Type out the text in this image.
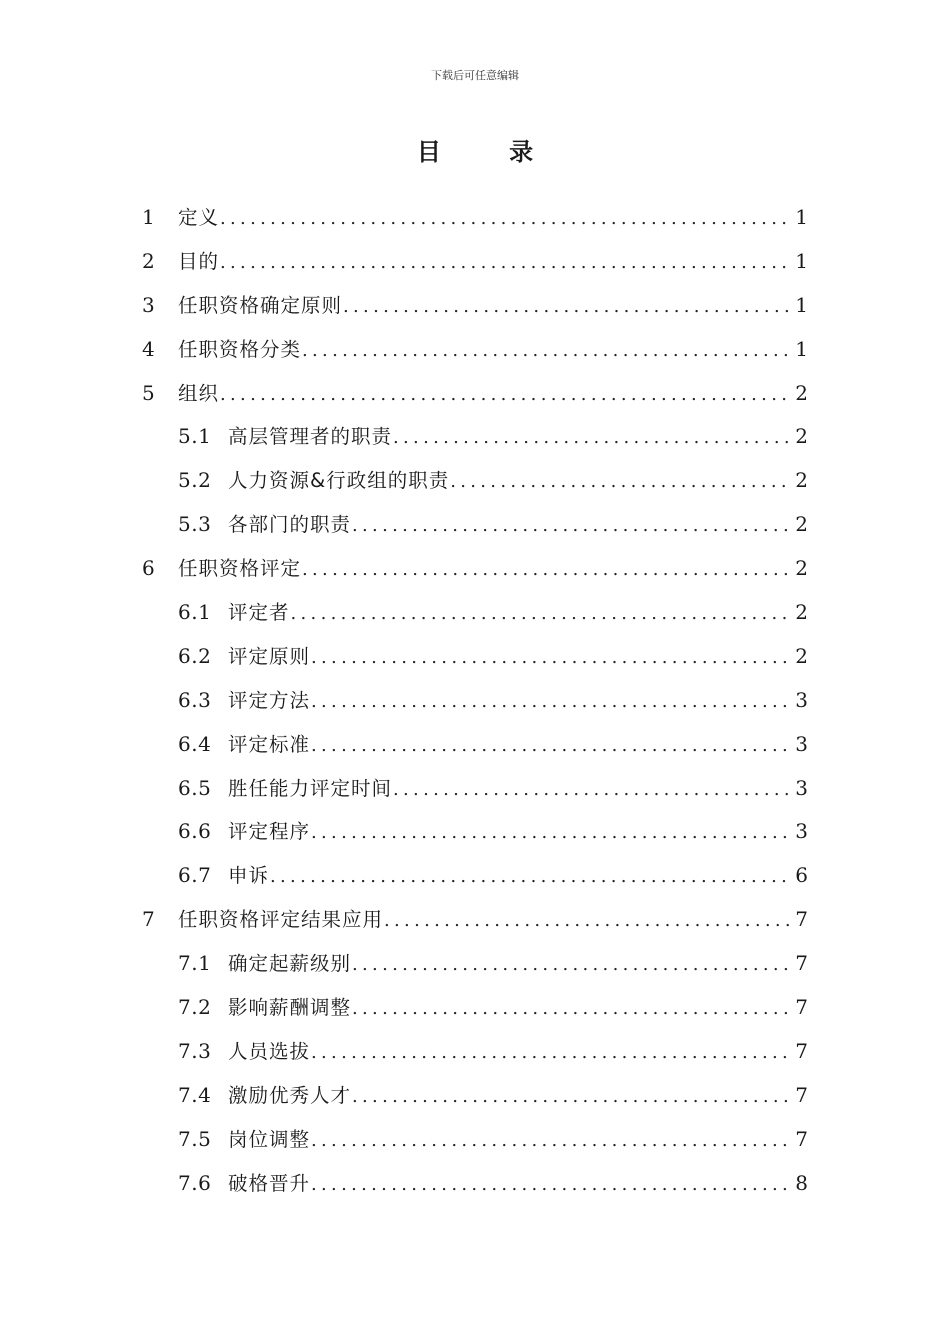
下载后可任意编辑
目 录
1	定义 .....	1
2	目的 .....	1
3	任职资格确定原则 .....	1
4	任职资格分类 .....	1
5	组织 .....	2
5.1 高层管理者的职责 .....	2
5.2 人力资源&行政组的职责 .....	2
5.3 各部门的职责 .....	2
6	任职资格评定 .....	2
6.1 评定者 .....	2
6.2 评定原则 .....	2
6.3 评定方法 .....	3
6.4 评定标准 .....	3
6.5 胜任能力评定时间 .....	3
6.6 评定程序 .....	3
6.7 申诉 .....	6
7	任职资格评定结果应用 .....	7
7.1 确定起薪级别 .....	7
7.2 影响薪酬调整 .....	7
7.3 人员选拔 .....	7
7.4 激励优秀人才 .....	7
7.5 岗位调整 .....	7
7.6 破格晋升 .....	8
